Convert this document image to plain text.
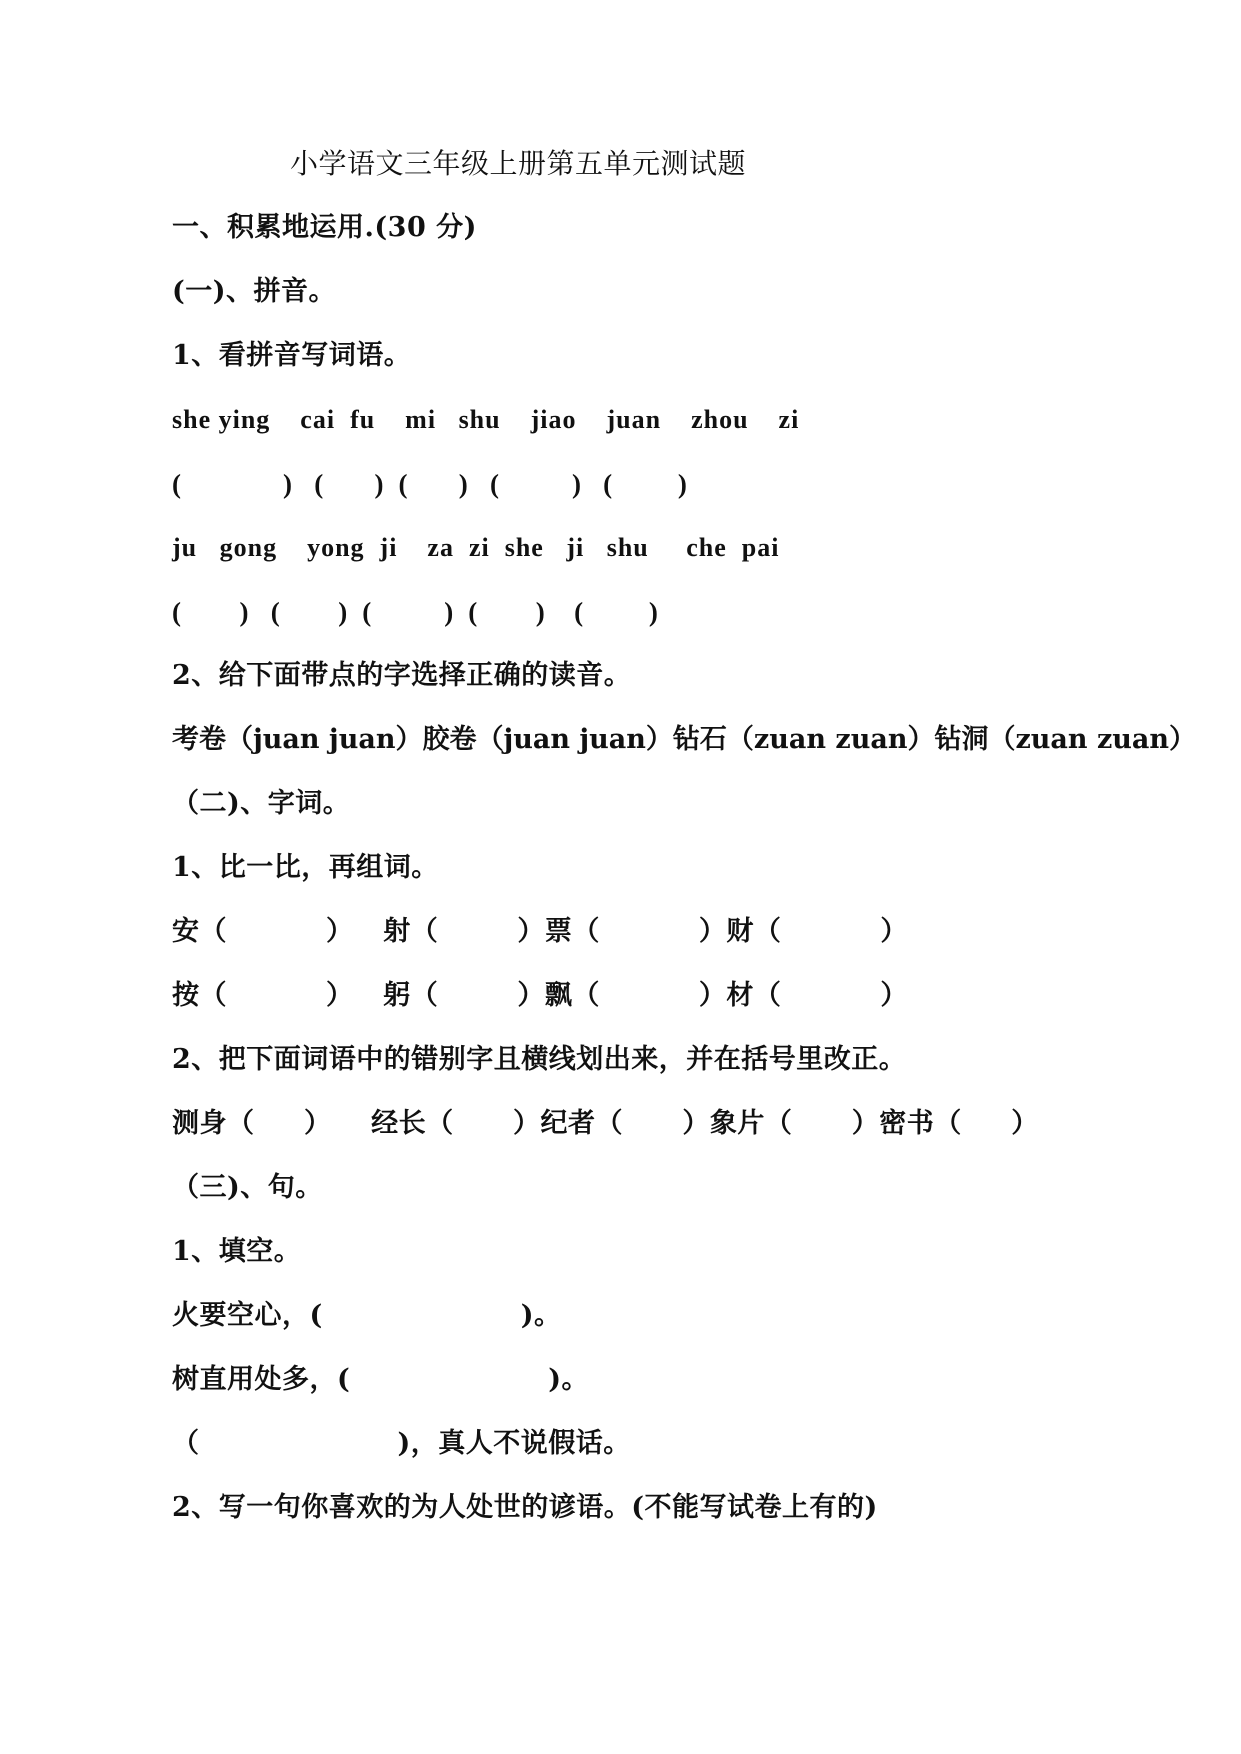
小学语文三年级上册第五单元测试题
一、积累地运用.(30 分)
(一)、拼音。
1、看拼音写词语。
she ying    cai  fu    mi   shu    jiao    juan    zhou    zi
(              )   (       )  (       )   (          )   (         )
ju   gong    yong  ji    za  zi  she   ji   shu     che  pai
(        )   (        )  (          )  (        )    (         )
2、给下面带点的字选择正确的读音。
考卷（juan juan）胶卷（juan juan）钻石（zuan zuan）钻洞（zuan zuan）
（二)、字词。
1、比一比，再组词。
安（          ）   射（        ）票（          ）财（          ）
按（          ）   躬（        ）飘（          ）材（          ）
2、把下面词语中的错别字且横线划出来，并在括号里改正。
测身（     ）    经长（      ）纪者（      ）象片（      ）密书（     ）
（三)、句。
1、填空。
火要空心，(                    )。
树直用处多，(                    )。
（                    )，真人不说假话。
2、写一句你喜欢的为人处世的谚语。(不能写试卷上有的)
